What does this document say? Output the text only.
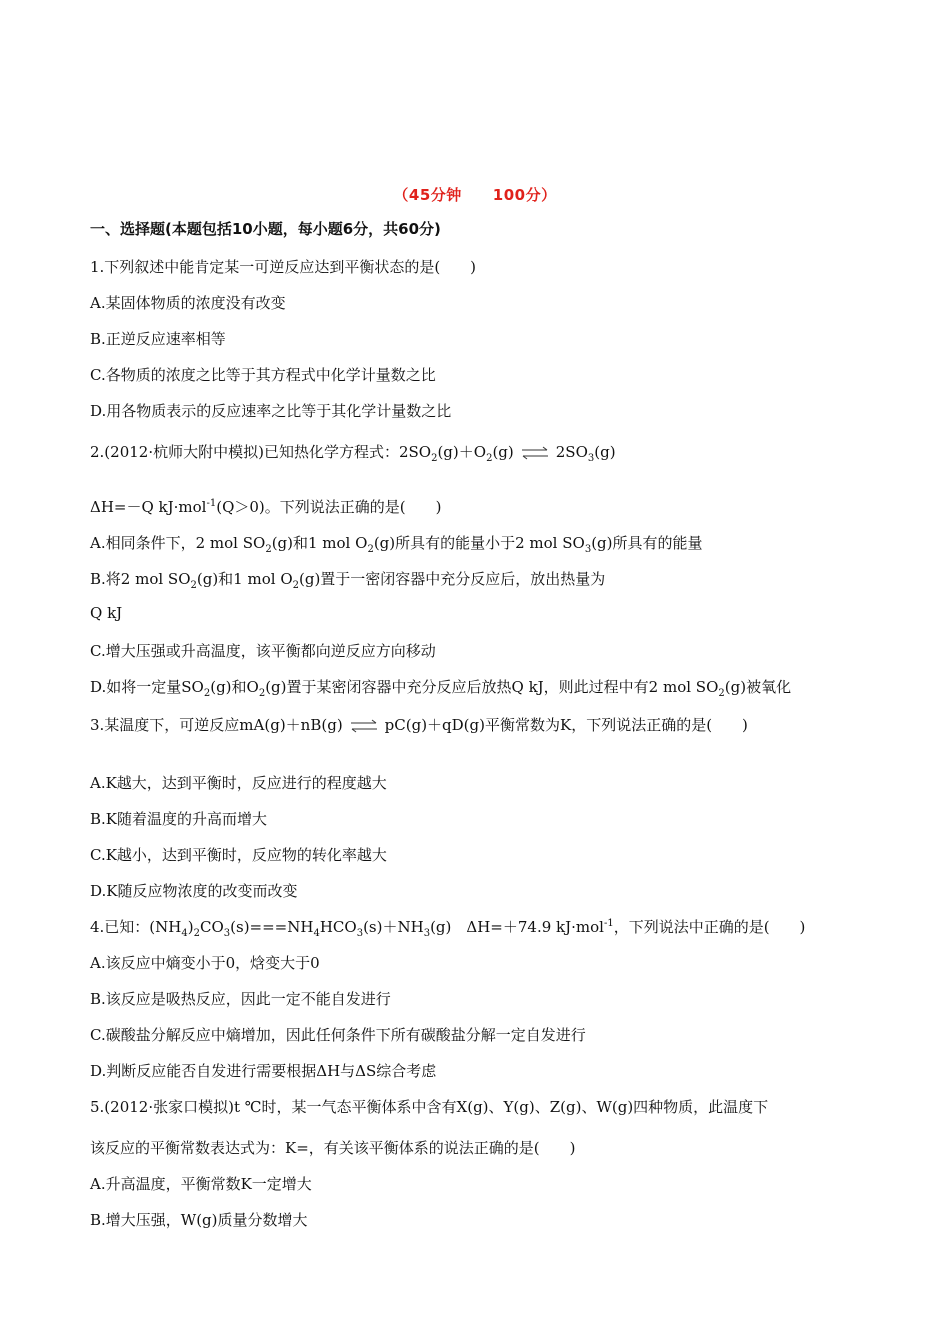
（45分钟　　100分）
一、选择题(本题包括10小题，每小题6分，共60分)
1.下列叙述中能肯定某一可逆反应达到平衡状态的是(　　)
A.某固体物质的浓度没有改变
B.正逆反应速率相等
C.各物质的浓度之比等于其方程式中化学计量数之比
D.用各物质表示的反应速率之比等于其化学计量数之比
2.(2012·杭师大附中模拟)已知热化学方程式：$2SO_2(g)+O_2(g)$ ⇌ $2SO_3(g)$
ΔH=－Q kJ·mol$^{-1}$(Q＞0)。下列说法正确的是(　　)
A.相同条件下，2 mol $SO_2(g)$和1 mol $O_2(g)$所具有的能量小于2 mol $SO_3(g)$所具有的能量
B.将2 mol $SO_2(g)$和1 mol $O_2(g)$置于一密闭容器中充分反应后，放出热量为
Q kJ
C.增大压强或升高温度，该平衡都向逆反应方向移动
D.如将一定量$SO_2(g)$和$O_2(g)$置于某密闭容器中充分反应后放热Q kJ，则此过程中有2 mol $SO_2(g)$被氧化
3.某温度下，可逆反应mA(g)＋nB(g) ⇌ pC(g)＋qD(g)平衡常数为K，下列说法正确的是(　　)
A.K越大，达到平衡时，反应进行的程度越大
B.K随着温度的升高而增大
C.K越小，达到平衡时，反应物的转化率越大
D.K随反应物浓度的改变而改变
4.已知：$(NH_4)_2CO_3(s)===NH_4HCO_3(s)+NH_3(g)$　ΔH=＋74.9 kJ·mol$^{-1}$，下列说法中正确的是(　　)
A.该反应中熵变小于0，焓变大于0
B.该反应是吸热反应，因此一定不能自发进行
C.碳酸盐分解反应中熵增加，因此任何条件下所有碳酸盐分解一定自发进行
D.判断反应能否自发进行需要根据ΔH与ΔS综合考虑
5.(2012·张家口模拟)t ℃时，某一气态平衡体系中含有X(g)、Y(g)、Z(g)、W(g)四种物质，此温度下
该反应的平衡常数表达式为：K=，有关该平衡体系的说法正确的是(　　)
A.升高温度，平衡常数K一定增大
B.增大压强，W(g)质量分数增大
